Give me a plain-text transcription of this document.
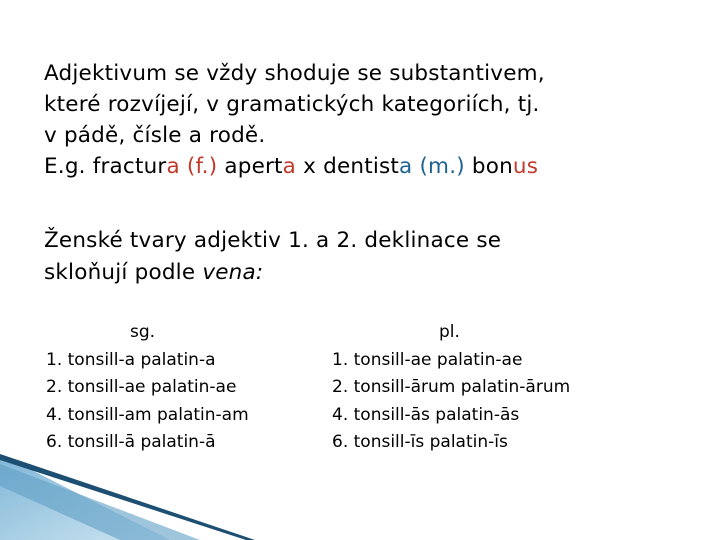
Adjektivum se vždy shoduje se substantivem,
které rozvíjejí, v gramatických kategoriích, tj.
v pádě, čísle a rodě.
E.g. fractura (f.) aperta x dentista (m.) bonus
Ženské tvary adjektiv 1. a 2. deklinace se
skloňují podle vena:
sg.
1. tonsill-a palatin-a
2. tonsill-ae palatin-ae
4. tonsill-am palatin-am
6. tonsill-ā palatin-ā
pl.
1. tonsill-ae palatin-ae
2. tonsill-ārum palatin-ārum
4. tonsill-ās palatin-ās
6. tonsill-īs palatin-īs
